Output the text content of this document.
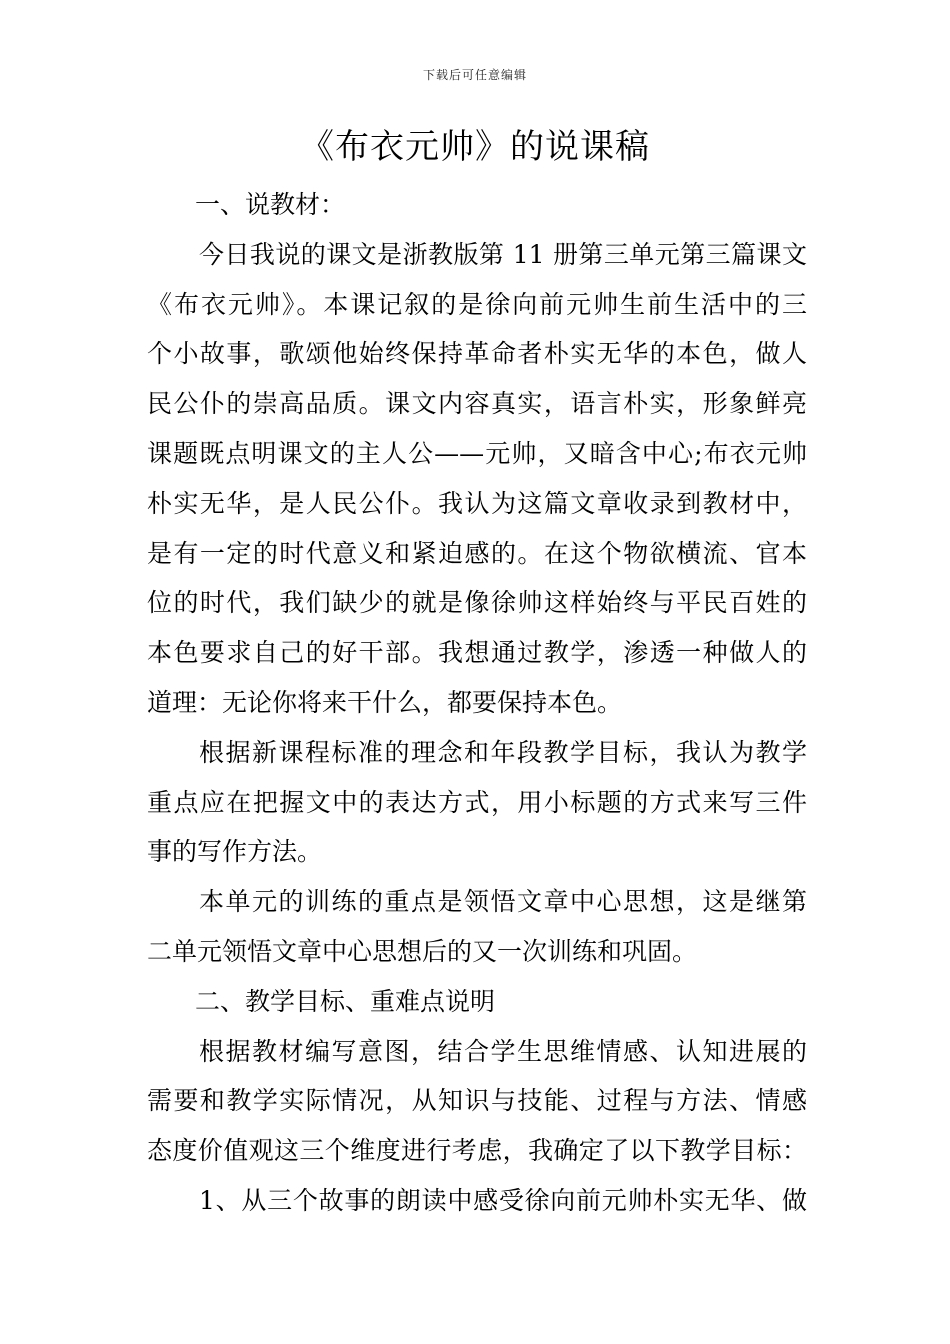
下载后可任意编辑
《布衣元帅》的说课稿
一、说教材：
今日我说的课文是浙教版第 11 册第三单元第三篇课文
《布衣元帅》。本课记叙的是徐向前元帅生前生活中的三
个小故事，歌颂他始终保持革命者朴实无华的本色，做人
民公仆的崇高品质。课文内容真实，语言朴实，形象鲜亮
课题既点明课文的主人公——元帅，又暗含中心;布衣元帅
朴实无华，是人民公仆。我认为这篇文章收录到教材中，
是有一定的时代意义和紧迫感的。在这个物欲横流、官本
位的时代，我们缺少的就是像徐帅这样始终与平民百姓的
本色要求自己的好干部。我想通过教学，渗透一种做人的
道理：无论你将来干什么，都要保持本色。
根据新课程标准的理念和年段教学目标，我认为教学
重点应在把握文中的表达方式，用小标题的方式来写三件
事的写作方法。
本单元的训练的重点是领悟文章中心思想，这是继第
二单元领悟文章中心思想后的又一次训练和巩固。
二、教学目标、重难点说明
根据教材编写意图，结合学生思维情感、认知进展的
需要和教学实际情况，从知识与技能、过程与方法、情感
态度价值观这三个维度进行考虑，我确定了以下教学目标：
1、从三个故事的朗读中感受徐向前元帅朴实无华、做
